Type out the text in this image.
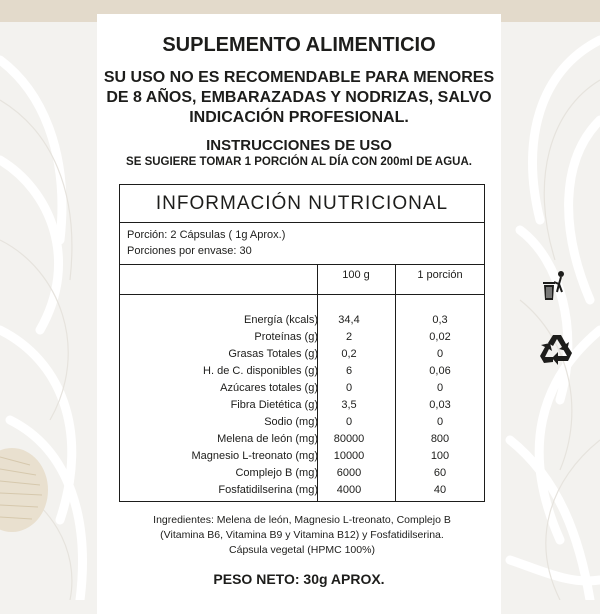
SUPLEMENTO ALIMENTICIO
SU USO NO ES RECOMENDABLE PARA MENORES
DE 8 AÑOS, EMBARAZADAS Y NODRIZAS, SALVO
INDICACIÓN PROFESIONAL.
INSTRUCCIONES DE USO
SE SUGIERE TOMAR 1 PORCIÓN AL DÍA CON 200ml DE AGUA.
INFORMACIÓN NUTRICIONAL
Porción: 2 Cápsulas ( 1g Aprox.)
Porciones por envase: 30
100 g	1 porción
Energía (kcals)	34,4	0,3
Proteínas (g)	2	0,02
Grasas Totales (g)	0,2	0
H. de C. disponibles (g)	6	0,06
Azúcares totales (g)	0	0
Fibra Dietética (g)	3,5	0,03
Sodio (mg)	0	0
Melena de león (mg)	80000	800
Magnesio L-treonato (mg)	10000	100
Complejo B (mg)	6000	60
Fosfatidilserina (mg)	4000	40
Ingredientes: Melena de león, Magnesio L-treonato, Complejo B
(Vitamina B6, Vitamina B9 y Vitamina B12) y Fosfatidilserina.
Cápsula vegetal (HPMC 100%)
PESO NETO: 30g APROX.
